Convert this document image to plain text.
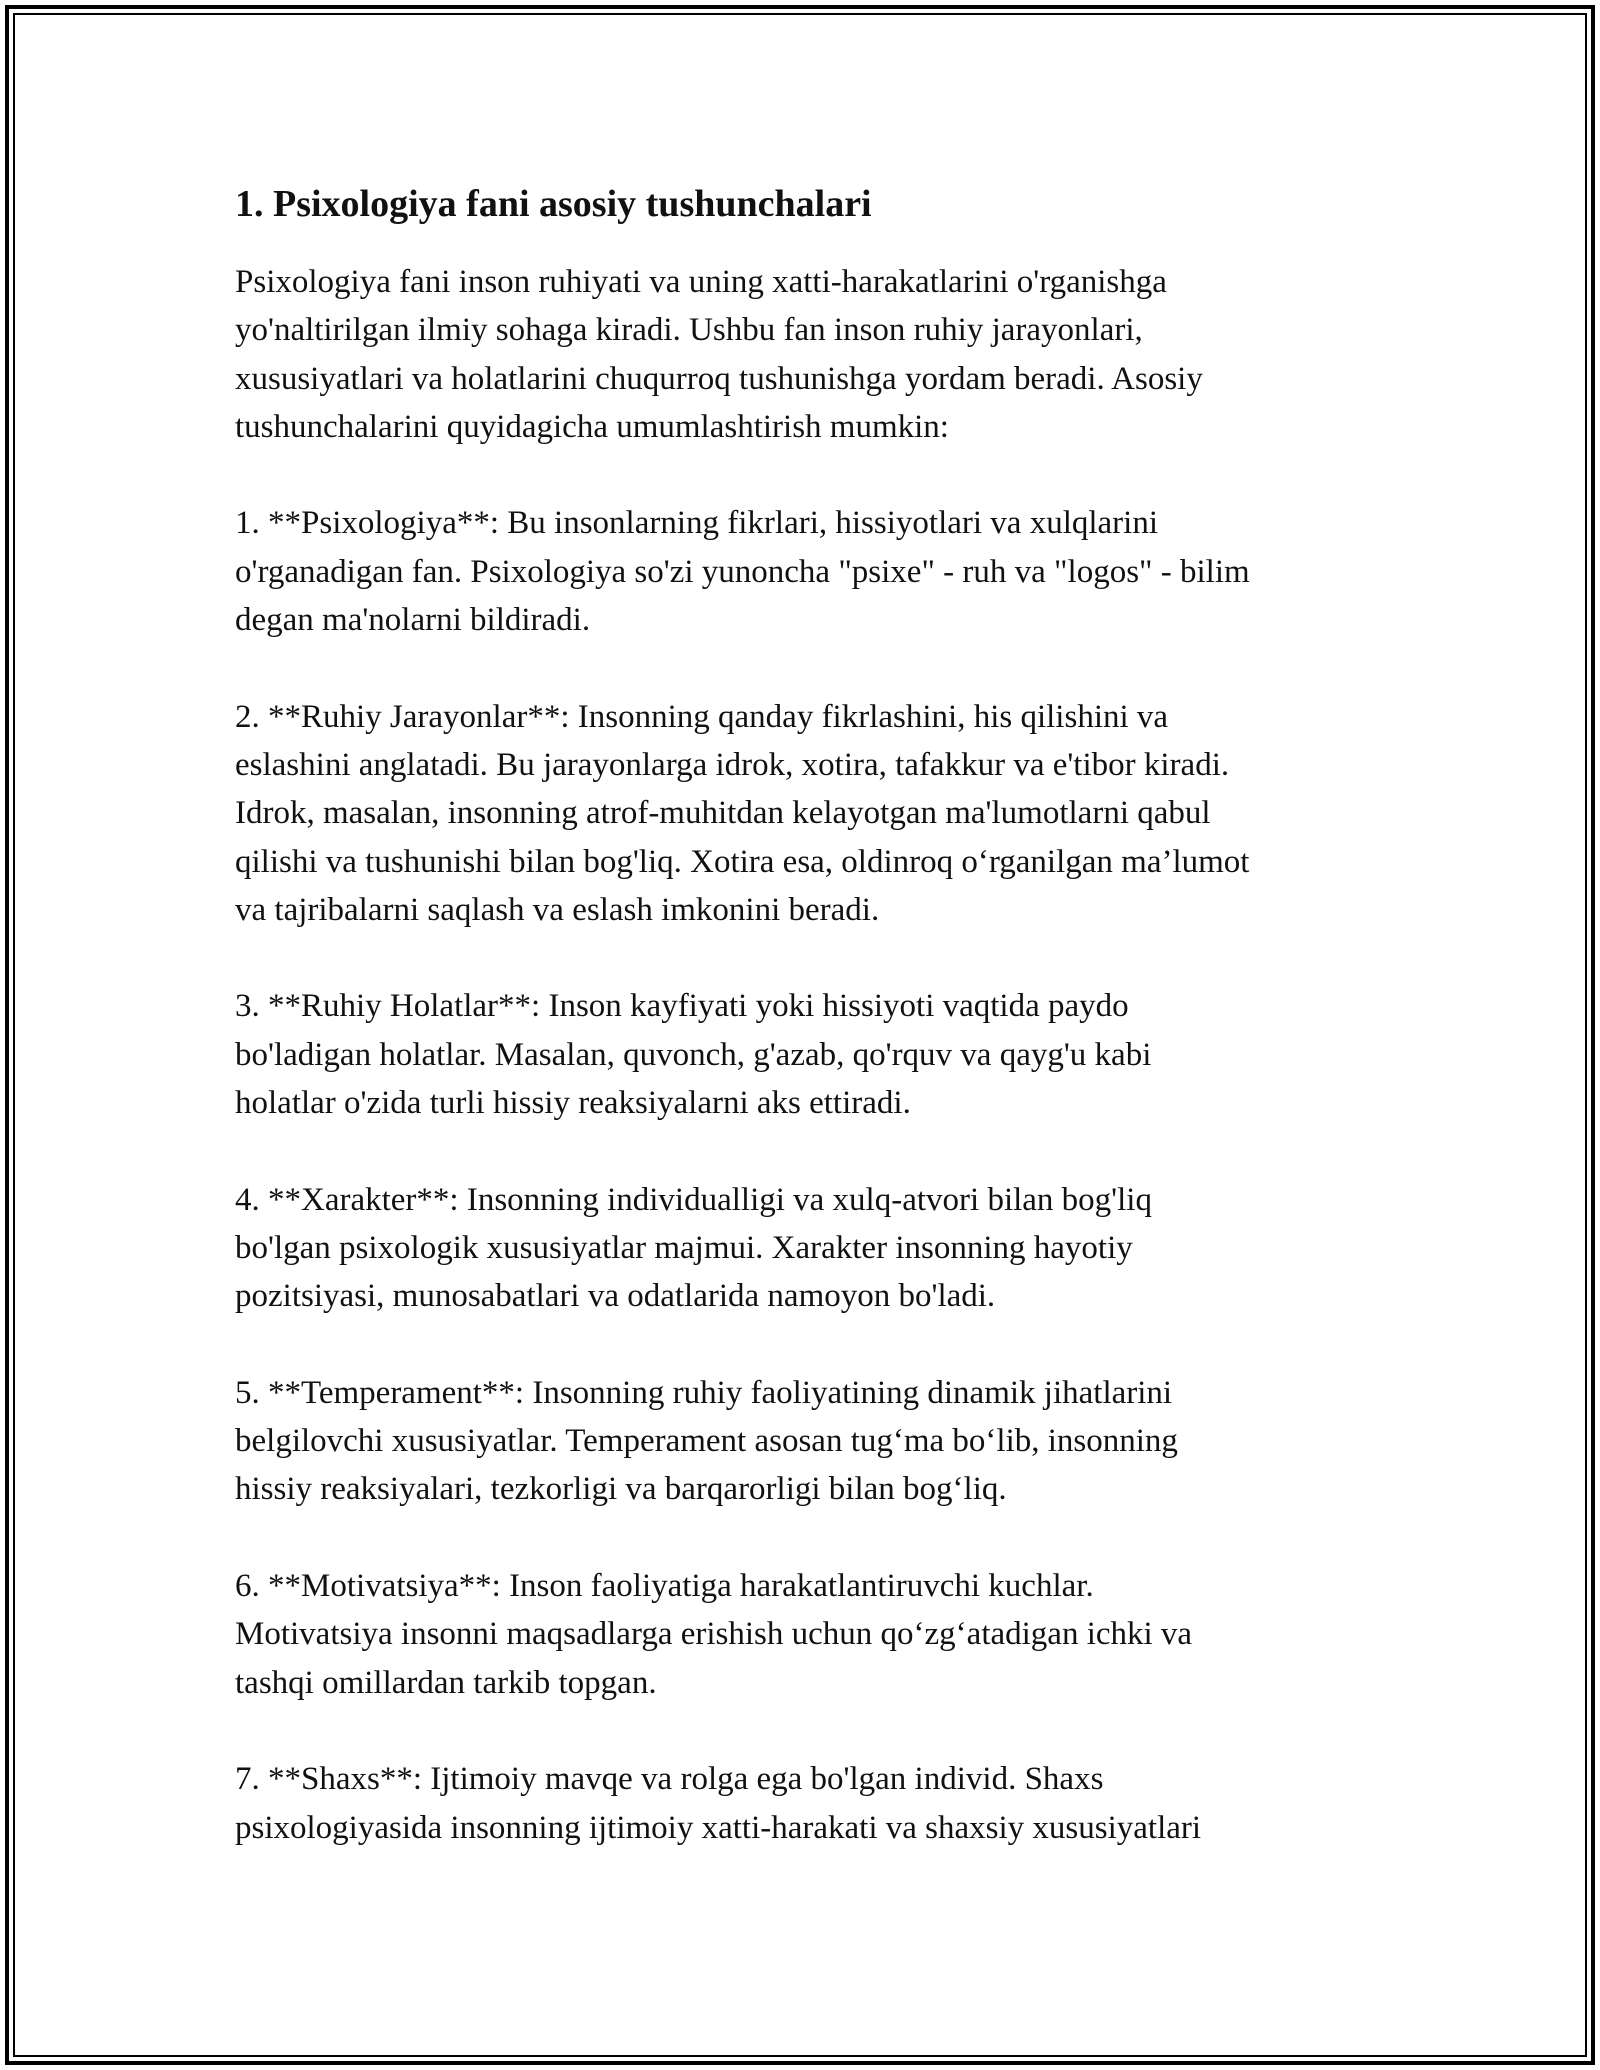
1. Psixologiya fani asosiy tushunchalari
Psixologiya fani inson ruhiyati va uning xatti-harakatlarini o'rganishga
yo'naltirilgan ilmiy sohaga kiradi. Ushbu fan inson ruhiy jarayonlari,
xususiyatlari va holatlarini chuqurroq tushunishga yordam beradi. Asosiy
tushunchalarini quyidagicha umumlashtirish mumkin:
1. **Psixologiya**: Bu insonlarning fikrlari, hissiyotlari va xulqlarini
o'rganadigan fan. Psixologiya so'zi yunoncha "psixe" - ruh va "logos" - bilim
degan ma'nolarni bildiradi.
2. **Ruhiy Jarayonlar**: Insonning qanday fikrlashini, his qilishini va
eslashini anglatadi. Bu jarayonlarga idrok, xotira, tafakkur va e'tibor kiradi.
Idrok, masalan, insonning atrof-muhitdan kelayotgan ma'lumotlarni qabul
qilishi va tushunishi bilan bog'liq. Xotira esa, oldinroq o‘rganilgan ma’lumot
va tajribalarni saqlash va eslash imkonini beradi.
3. **Ruhiy Holatlar**: Inson kayfiyati yoki hissiyoti vaqtida paydo
bo'ladigan holatlar. Masalan, quvonch, g'azab, qo'rquv va qayg'u kabi
holatlar o'zida turli hissiy reaksiyalarni aks ettiradi.
4. **Xarakter**: Insonning individualligi va xulq-atvori bilan bog'liq
bo'lgan psixologik xususiyatlar majmui. Xarakter insonning hayotiy
pozitsiyasi, munosabatlari va odatlarida namoyon bo'ladi.
5. **Temperament**: Insonning ruhiy faoliyatining dinamik jihatlarini
belgilovchi xususiyatlar. Temperament asosan tug‘ma bo‘lib, insonning
hissiy reaksiyalari, tezkorligi va barqarorligi bilan bog‘liq.
6. **Motivatsiya**: Inson faoliyatiga harakatlantiruvchi kuchlar.
Motivatsiya insonni maqsadlarga erishish uchun qo‘zg‘atadigan ichki va
tashqi omillardan tarkib topgan.
7. **Shaxs**: Ijtimoiy mavqe va rolga ega bo'lgan individ. Shaxs
psixologiyasida insonning ijtimoiy xatti-harakati va shaxsiy xususiyatlari
